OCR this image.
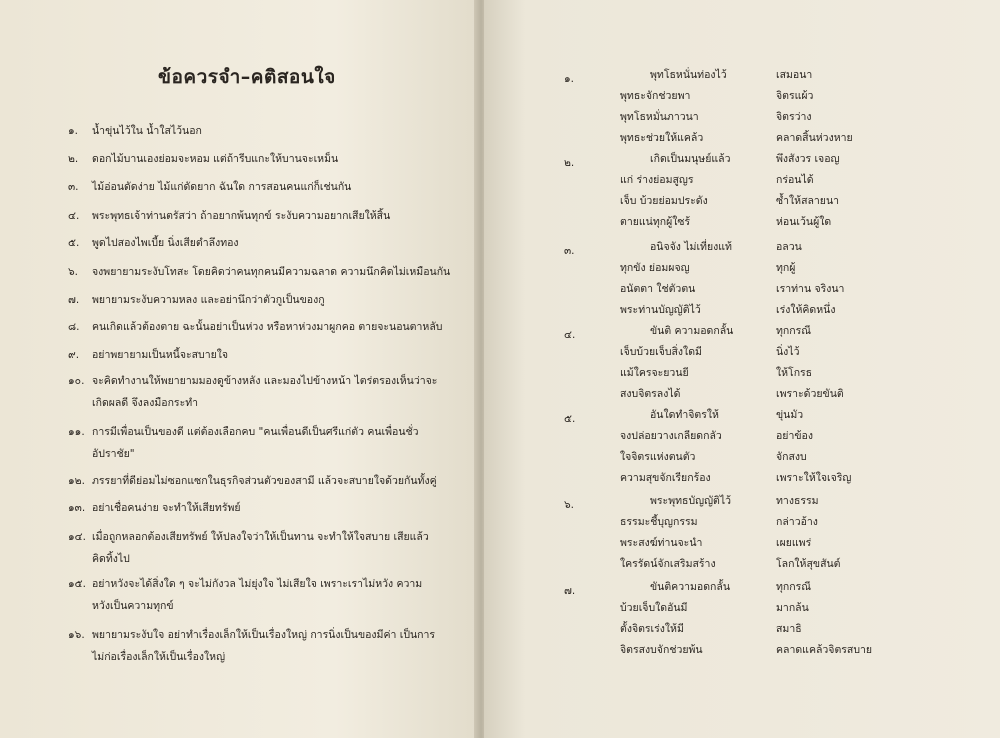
ข้อควรจำ–คติสอนใจ
๑. น้ำขุ่นไว้ใน น้ำใสไว้นอก
๒. ดอกไม้บานเองย่อมจะหอม แต่ถ้ารีบแกะให้บานจะเหม็น
๓. ไม้อ่อนดัดง่าย ไม้แก่ดัดยาก ฉันใด การสอนคนแก่ก็เช่นกัน
๔. พระพุทธเจ้าท่านตรัสว่า ถ้าอยากพ้นทุกข์ ระงับความอยากเสียให้สิ้น
๕. พูดไปสองไพเบี้ย นิ่งเสียตำลึงทอง
๖. จงพยายามระงับโทสะ โดยคิดว่าคนทุกคนมีความฉลาด ความนึกคิดไม่เหมือนกัน
๗. พยายามระงับความหลง และอย่านึกว่าตัวกูเป็นของกู
๘. คนเกิดแล้วต้องตาย ฉะนั้นอย่าเป็นห่วง หรือหาห่วงมาผูกคอ ตายจะนอนตาหลับ
๙. อย่าพยายามเป็นหนี้จะสบายใจ
๑๐. จะคิดทำงานให้พยายามมองดูข้างหลัง และมองไปข้างหน้า ไตร่ตรองเห็นว่าจะ
เกิดผลดี จึงลงมือกระทำ
๑๑. การมีเพื่อนเป็นของดี แต่ต้องเลือกคบ "คนเพื่อนดีเป็นศรีแก่ตัว คนเพื่อนชั่ว
อัปราชัย"
๑๒. ภรรยาที่ดีย่อมไม่ซอกแซกในธุรกิจส่วนตัวของสามี แล้วจะสบายใจด้วยกันทั้งคู่
๑๓. อย่าเชื่อคนง่าย จะทำให้เสียทรัพย์
๑๔. เมื่อถูกหลอกต้องเสียทรัพย์ ให้ปลงใจว่าให้เป็นทาน จะทำให้ใจสบาย เสียแล้ว
คิดทิ้งไป
๑๕. อย่าหวังจะได้สิ่งใด ๆ จะไม่กังวล ไม่ยุ่งใจ ไม่เสียใจ เพราะเราไม่หวัง ความ
หวังเป็นความทุกข์
๑๖. พยายามระงับใจ อย่าทำเรื่องเล็กให้เป็นเรื่องใหญ่ การนิ่งเป็นของมีค่า เป็นการ
ไม่ก่อเรื่องเล็กให้เป็นเรื่องใหญ่
๑.	พุทโธหนั่นท่องไว้	เสมอนา
พุทธะจักช่วยพา	จิตรแผ้ว
พุทโธหมั่นภาวนา	จิตรว่าง
พุทธะช่วยให้แคล้ว	คลาดสิ้นห่วงหาย
๒.	เกิดเป็นมนุษย์แล้ว	พึงสังวร เจอญ
แก่ ร่างย่อมสูญร	กร่อนได้
เจ็บ บ้วยย่อมประดัง	ซ้ำให้สลายนา
ตายแน่ทุกผู้ใซร้	ห่อนเว้นผู้ใด
๓.	อนิจจัง ไม่เที่ยงแท้	อลวน
ทุกขัง ย่อมผจญ	ทุกผู้
อนัตตา ใช่ตัวตน	เราท่าน จริงนา
พระท่านบัญญัติไว้	เร่งให้คิดหนึ่ง
๔.	ขันติ ความอดกลั้น	ทุกกรณี
เจ็บบ้วยเจ็บสิ่งใดมี	นิ่งไว้
แม้ใครจะยวนยี	ให้โกรธ
สงบจิตรลงได้	เพราะด้วยขันติ
๕.	อันใดทำจิตรให้	ขุ่นมัว
จงปล่อยวางเกลียดกลัว	อย่าข้อง
ใจจิตรแห่งตนตัว	จักสงบ
ความสุขจักเรียกร้อง	เพราะให้ใจเจริญ
๖.	พระพุทธบัญญัติไว้	ทางธรรม
ธรรมะชี้บุญกรรม	กล่าวอ้าง
พระสงฆ์ท่านจะนำ	เผยแพร่
ใครรัดน์จักเสริมสร้าง	โลกให้สุขสันต์
๗.	ขันติความอดกลั้น	ทุกกรณี
บ้วยเจ็บใดอันมี	มากล้น
ตั้งจิตรเร่งให้มี	สมาธิ
จิตรสงบจักช่วยพ้น	คลาดแคล้วจิตรสบาย
